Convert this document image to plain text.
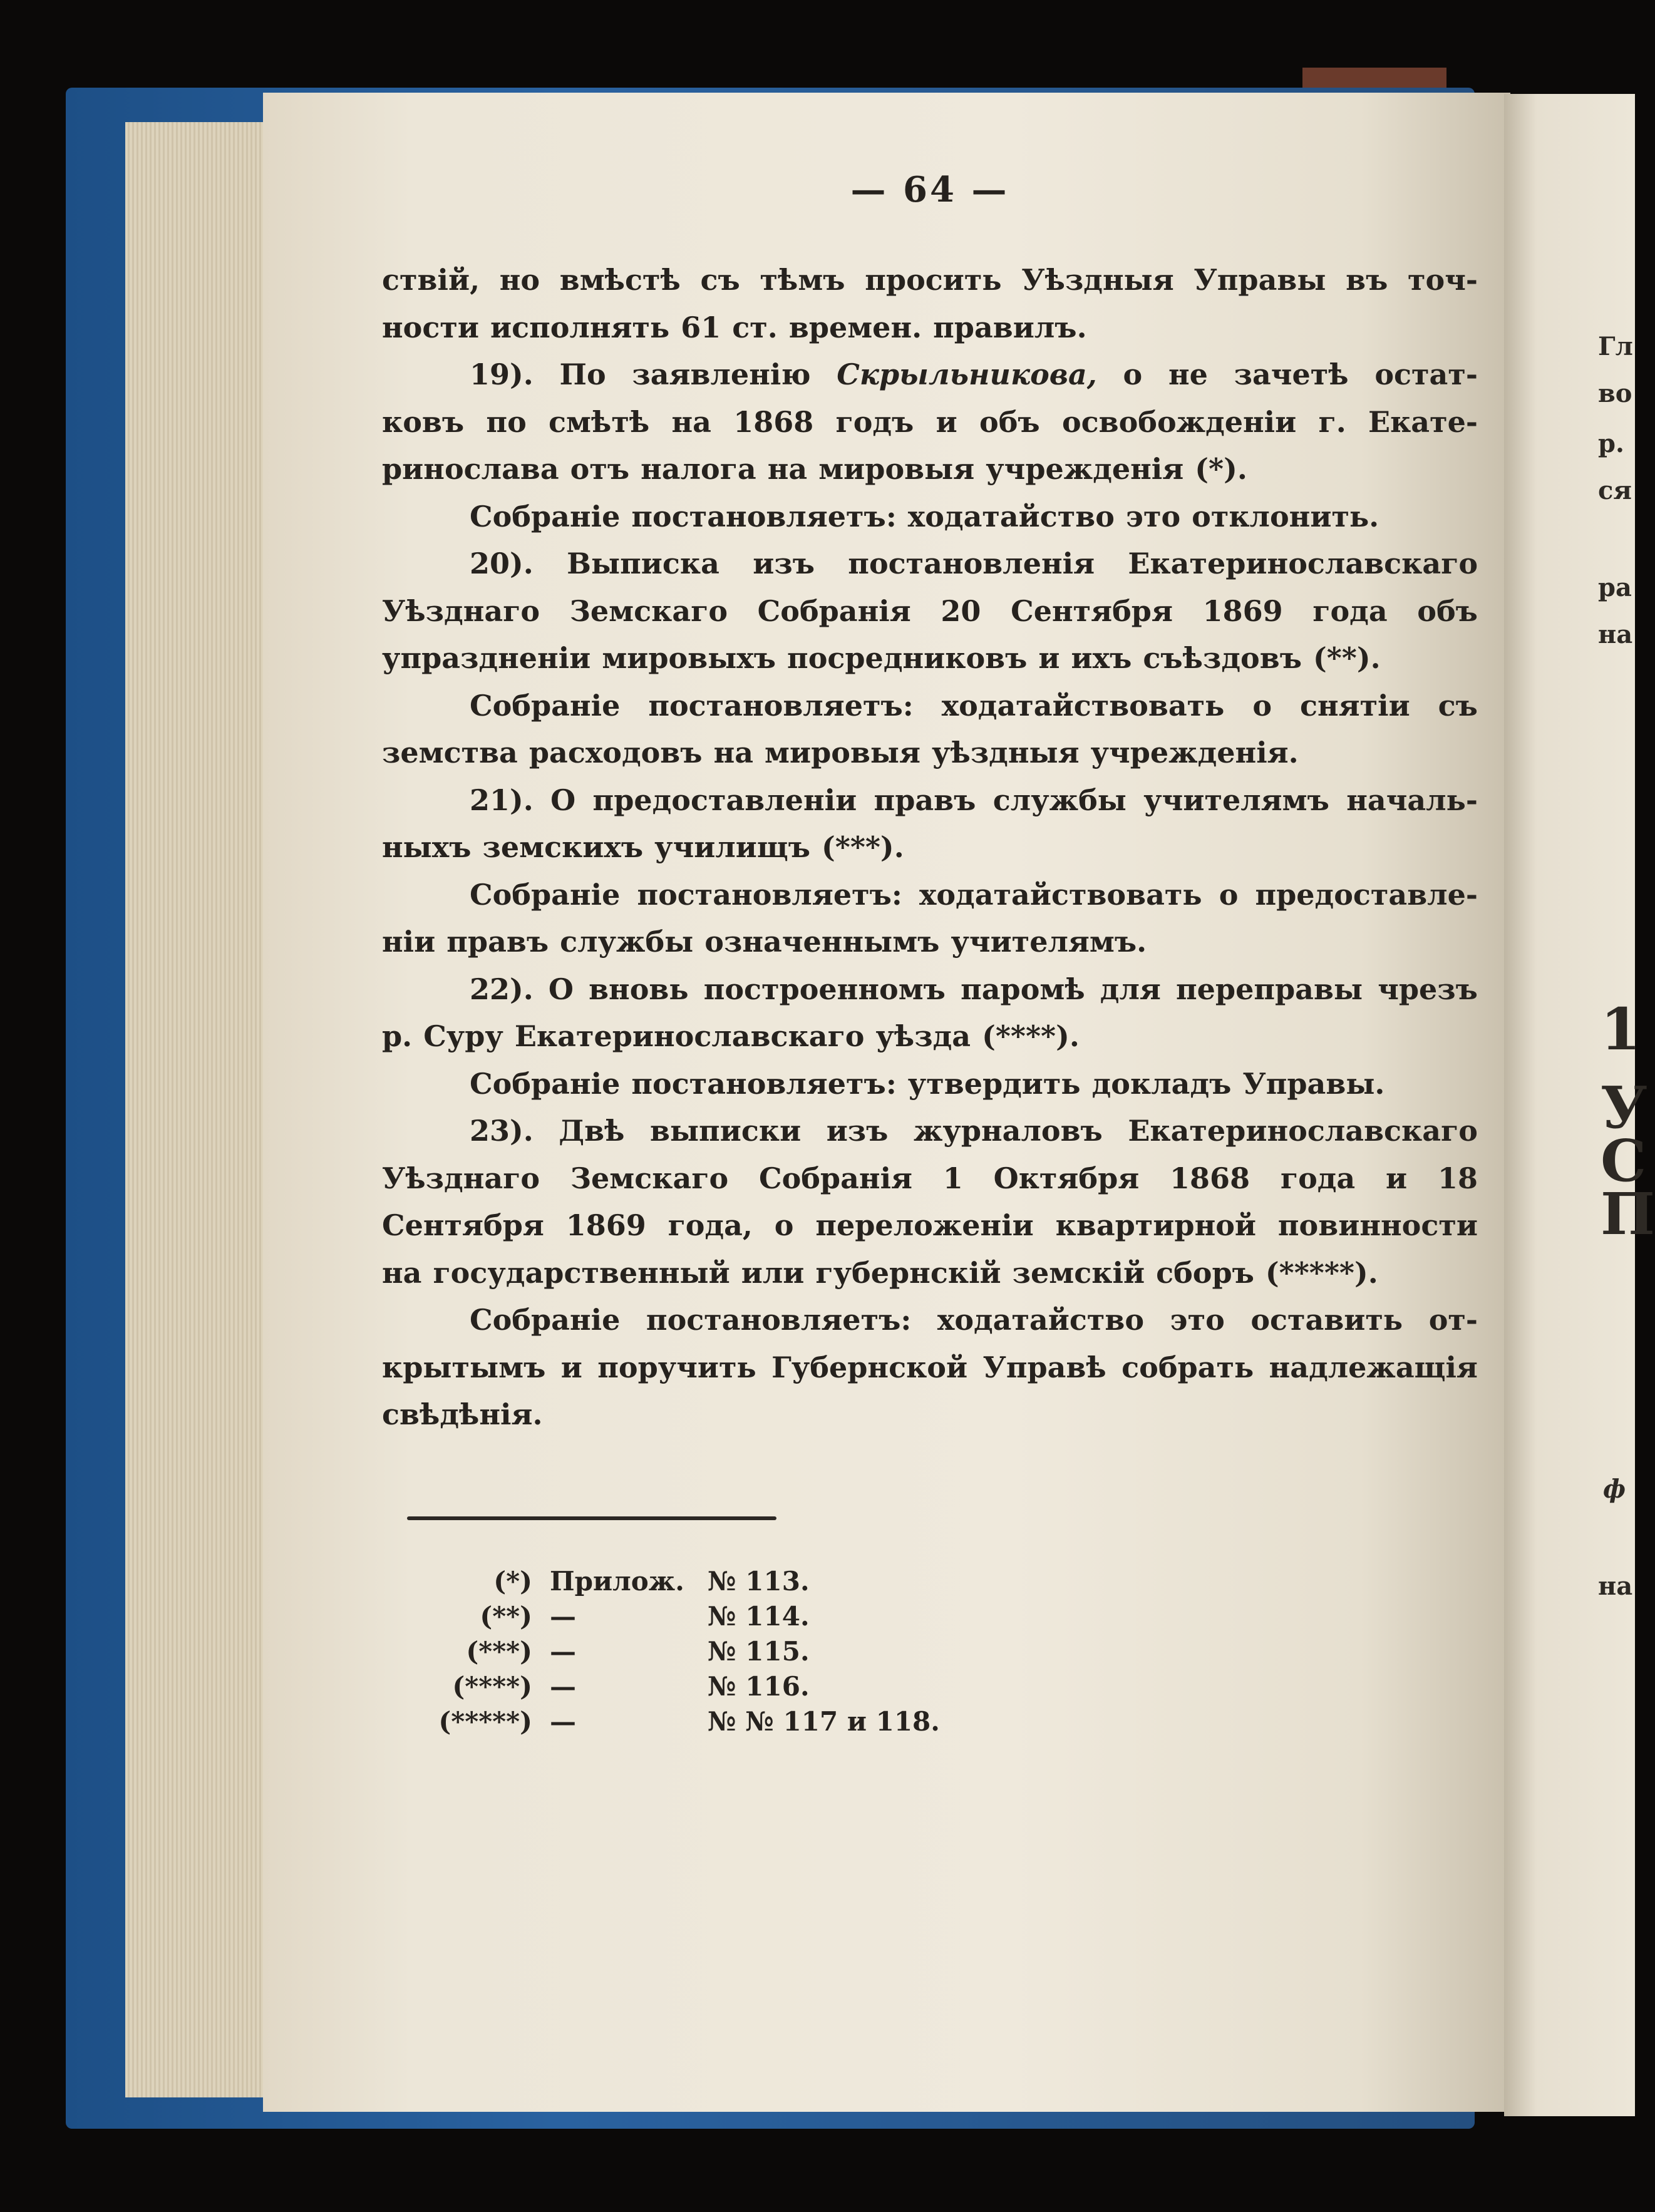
Гл
во
р.
ся
ра
на
1
У
С
П
ф
на
— 64 —
ствій, но вмѣстѣ съ тѣмъ просить Уѣздныя Управы въ точ-
ности исполнять 61 ст. времен. правилъ.
19). По заявленію Скрыльникова, о не зачетѣ остат-
ковъ по смѣтѣ на 1868 годъ и объ освобожденіи г. Екате-
ринослава отъ налога на мировыя учрежденія (*).
Собраніе постановляетъ: ходатайство это отклонить.
20). Выписка изъ постановленія Екатеринославскаго
Уѣзднаго Земскаго Собранія 20 Сентября 1869 года объ
упраздненіи мировыхъ посредниковъ и ихъ съѣздовъ (**).
Собраніе постановляетъ: ходатайствовать о снятіи съ
земства расходовъ на мировыя уѣздныя учрежденія.
21). О предоставленіи правъ службы учителямъ началь-
ныхъ земскихъ училищъ (***).
Собраніе постановляетъ: ходатайствовать о предоставле-
ніи правъ службы означеннымъ учителямъ.
22). О вновь построенномъ паромѣ для переправы чрезъ
р. Суру Екатеринославскаго уѣзда (****).
Собраніе постановляетъ: утвердить докладъ Управы.
23). Двѣ выписки изъ журналовъ Екатеринославскаго
Уѣзднаго Земскаго Собранія 1 Октября 1868 года и 18
Сентября 1869 года, о переложеніи квартирной повинности
на государственный или губернскій земскій сборъ (*****).
Собраніе постановляетъ: ходатайство это оставить от-
крытымъ и поручить Губернской Управѣ собрать надлежащія
свѣдѣнія.
(*) Прилож. № 113.
(**) —	№ 114.
(***) —	№ 115.
(****) —	№ 116.
(*****) —	№ № 117 и 118.
